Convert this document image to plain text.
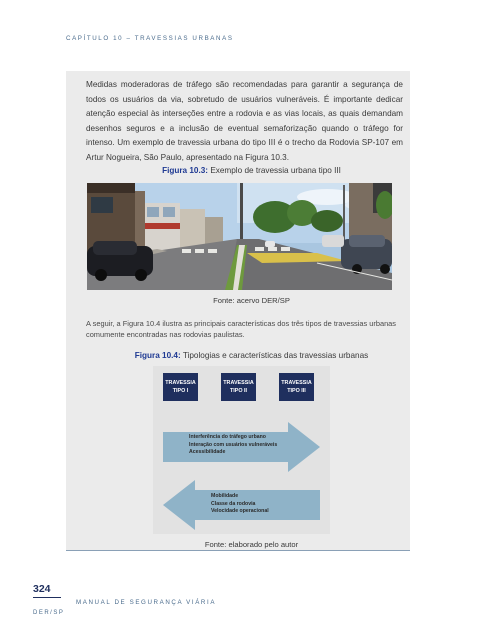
CAPÍTULO 10 – TRAVESSIAS URBANAS

Medidas moderadoras de tráfego são recomendadas para garantir a segurança de todos os usuários da via, sobretudo de usuários vulneráveis. É importante dedicar atenção especial às interseções entre a rodovia e as vias locais, as quais demandam desenhos seguros e a inclusão de eventual semaforização quando o tráfego for intenso. Um exemplo de travessia urbana do tipo III é o trecho da Rodovia SP-107 em Artur Nogueira, São Paulo, apresentado na Figura 10.3.

Figura 10.3: Exemplo de travessia urbana tipo III
Fonte: acervo DER/SP

A seguir, a Figura 10.4 ilustra as principais características dos três tipos de travessias urbanas comumente encontradas nas rodovias paulistas.

Figura 10.4: Tipologias e características das travessias urbanas
TRAVESSIA
TIPO I
TRAVESSIA
TIPO II
TRAVESSIA
TIPO III
Interferência do tráfego urbano
Interação com usuários vulneráveis
Acessibilidade
Mobilidade
Classe da rodovia
Velocidade operacional
Fonte: elaborado pelo autor
324
MANUAL DE SEGURANÇA VIÁRIA
DER/SP
